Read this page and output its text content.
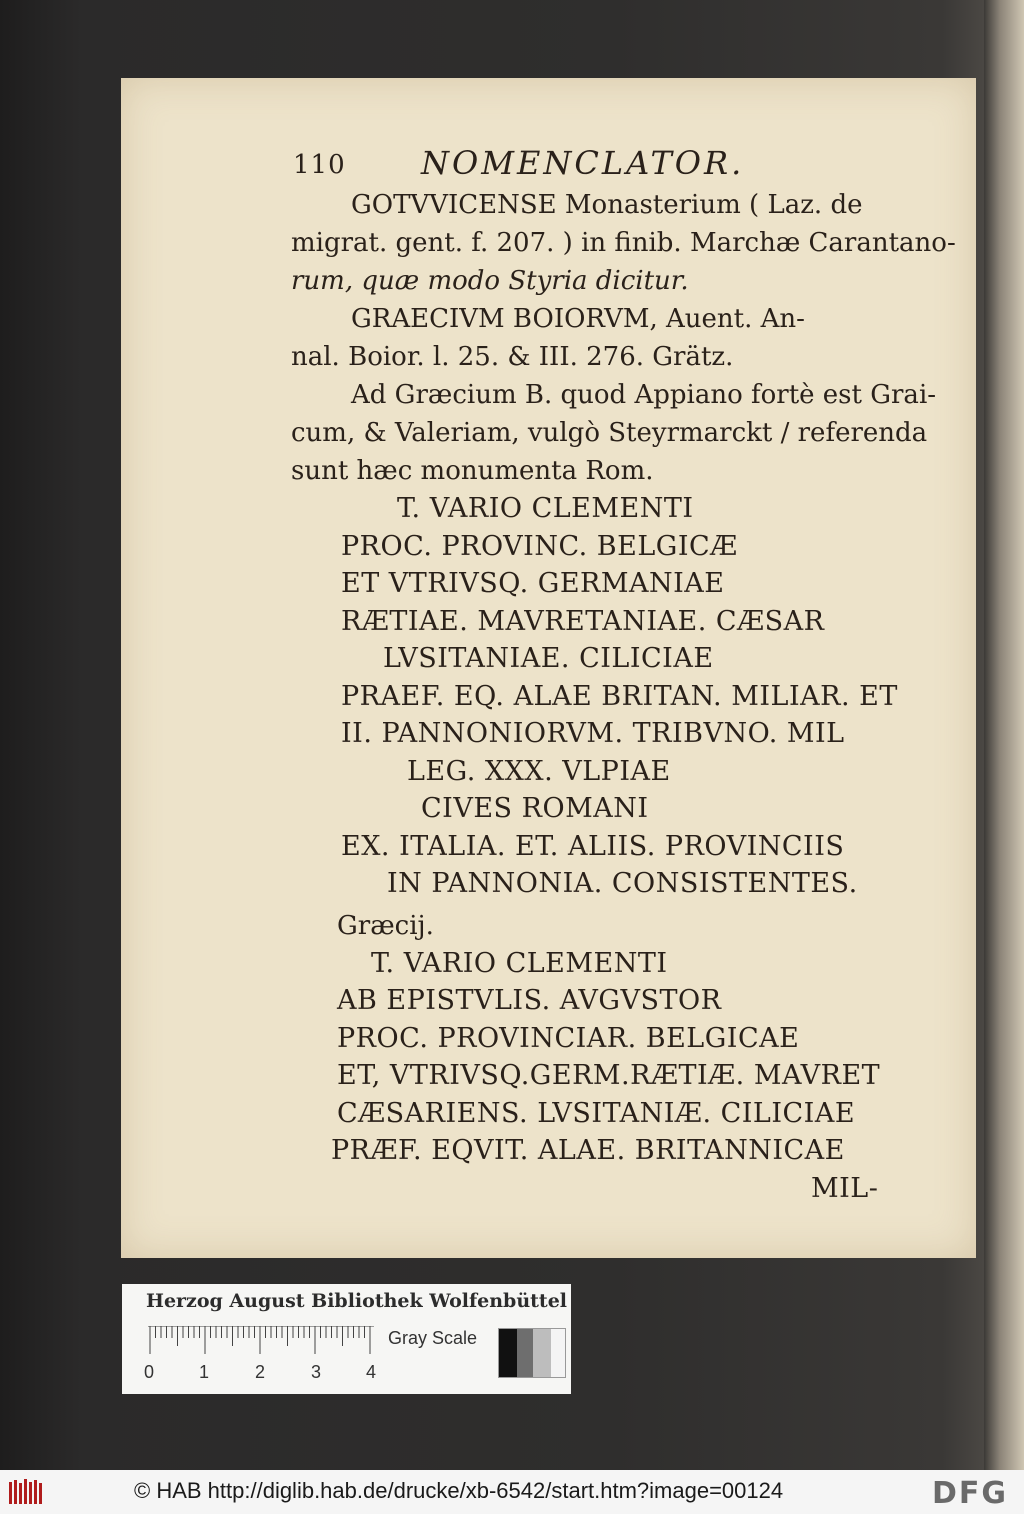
110 NOMENCLATOR.
GOTVVICENSE Monasterium ( Laz. de
migrat. gent. f. 207. ) in finib. Marchæ Carantano-
rum, quæ modo Styria dicitur.
GRAECIVM BOIORVM, Auent. An-
nal. Boior. l. 25. & III. 276. Grätz.
Ad Græcium B. quod Appiano fortè est Grai-
cum, & Valeriam, vulgò Steyrmarckt / referenda
sunt hæc monumenta Rom.
T. VARIO CLEMENTI
PROC. PROVINC. BELGICÆ
ET VTRIVSQ. GERMANIAE
RÆTIAE. MAVRETANIAE. CÆSAR
LVSITANIAE. CILICIAE
PRAEF. EQ. ALAE BRITAN. MILIAR. ET
II. PANNONIORVM. TRIBVNO. MIL
LEG. XXX. VLPIAE
CIVES ROMANI
EX. ITALIA. ET. ALIIS. PROVINCIIS
IN PANNONIA. CONSISTENTES.
Græcij.
T. VARIO CLEMENTI
AB EPISTVLIS. AVGVSTOR
PROC. PROVINCIAR. BELGICAE
ET, VTRIVSQ.GERM.RÆTIÆ. MAVRET
CÆSARIENS. LVSITANIÆ. CILICIAE
PRÆF. EQVIT. ALAE. BRITANNICAE
MIL-
Herzog August Bibliothek Wolfenbüttel
0 1	2	3 4
Gray Scale
© HAB http://diglib.hab.de/drucke/xb-6542/start.htm?image=00124	DFG
